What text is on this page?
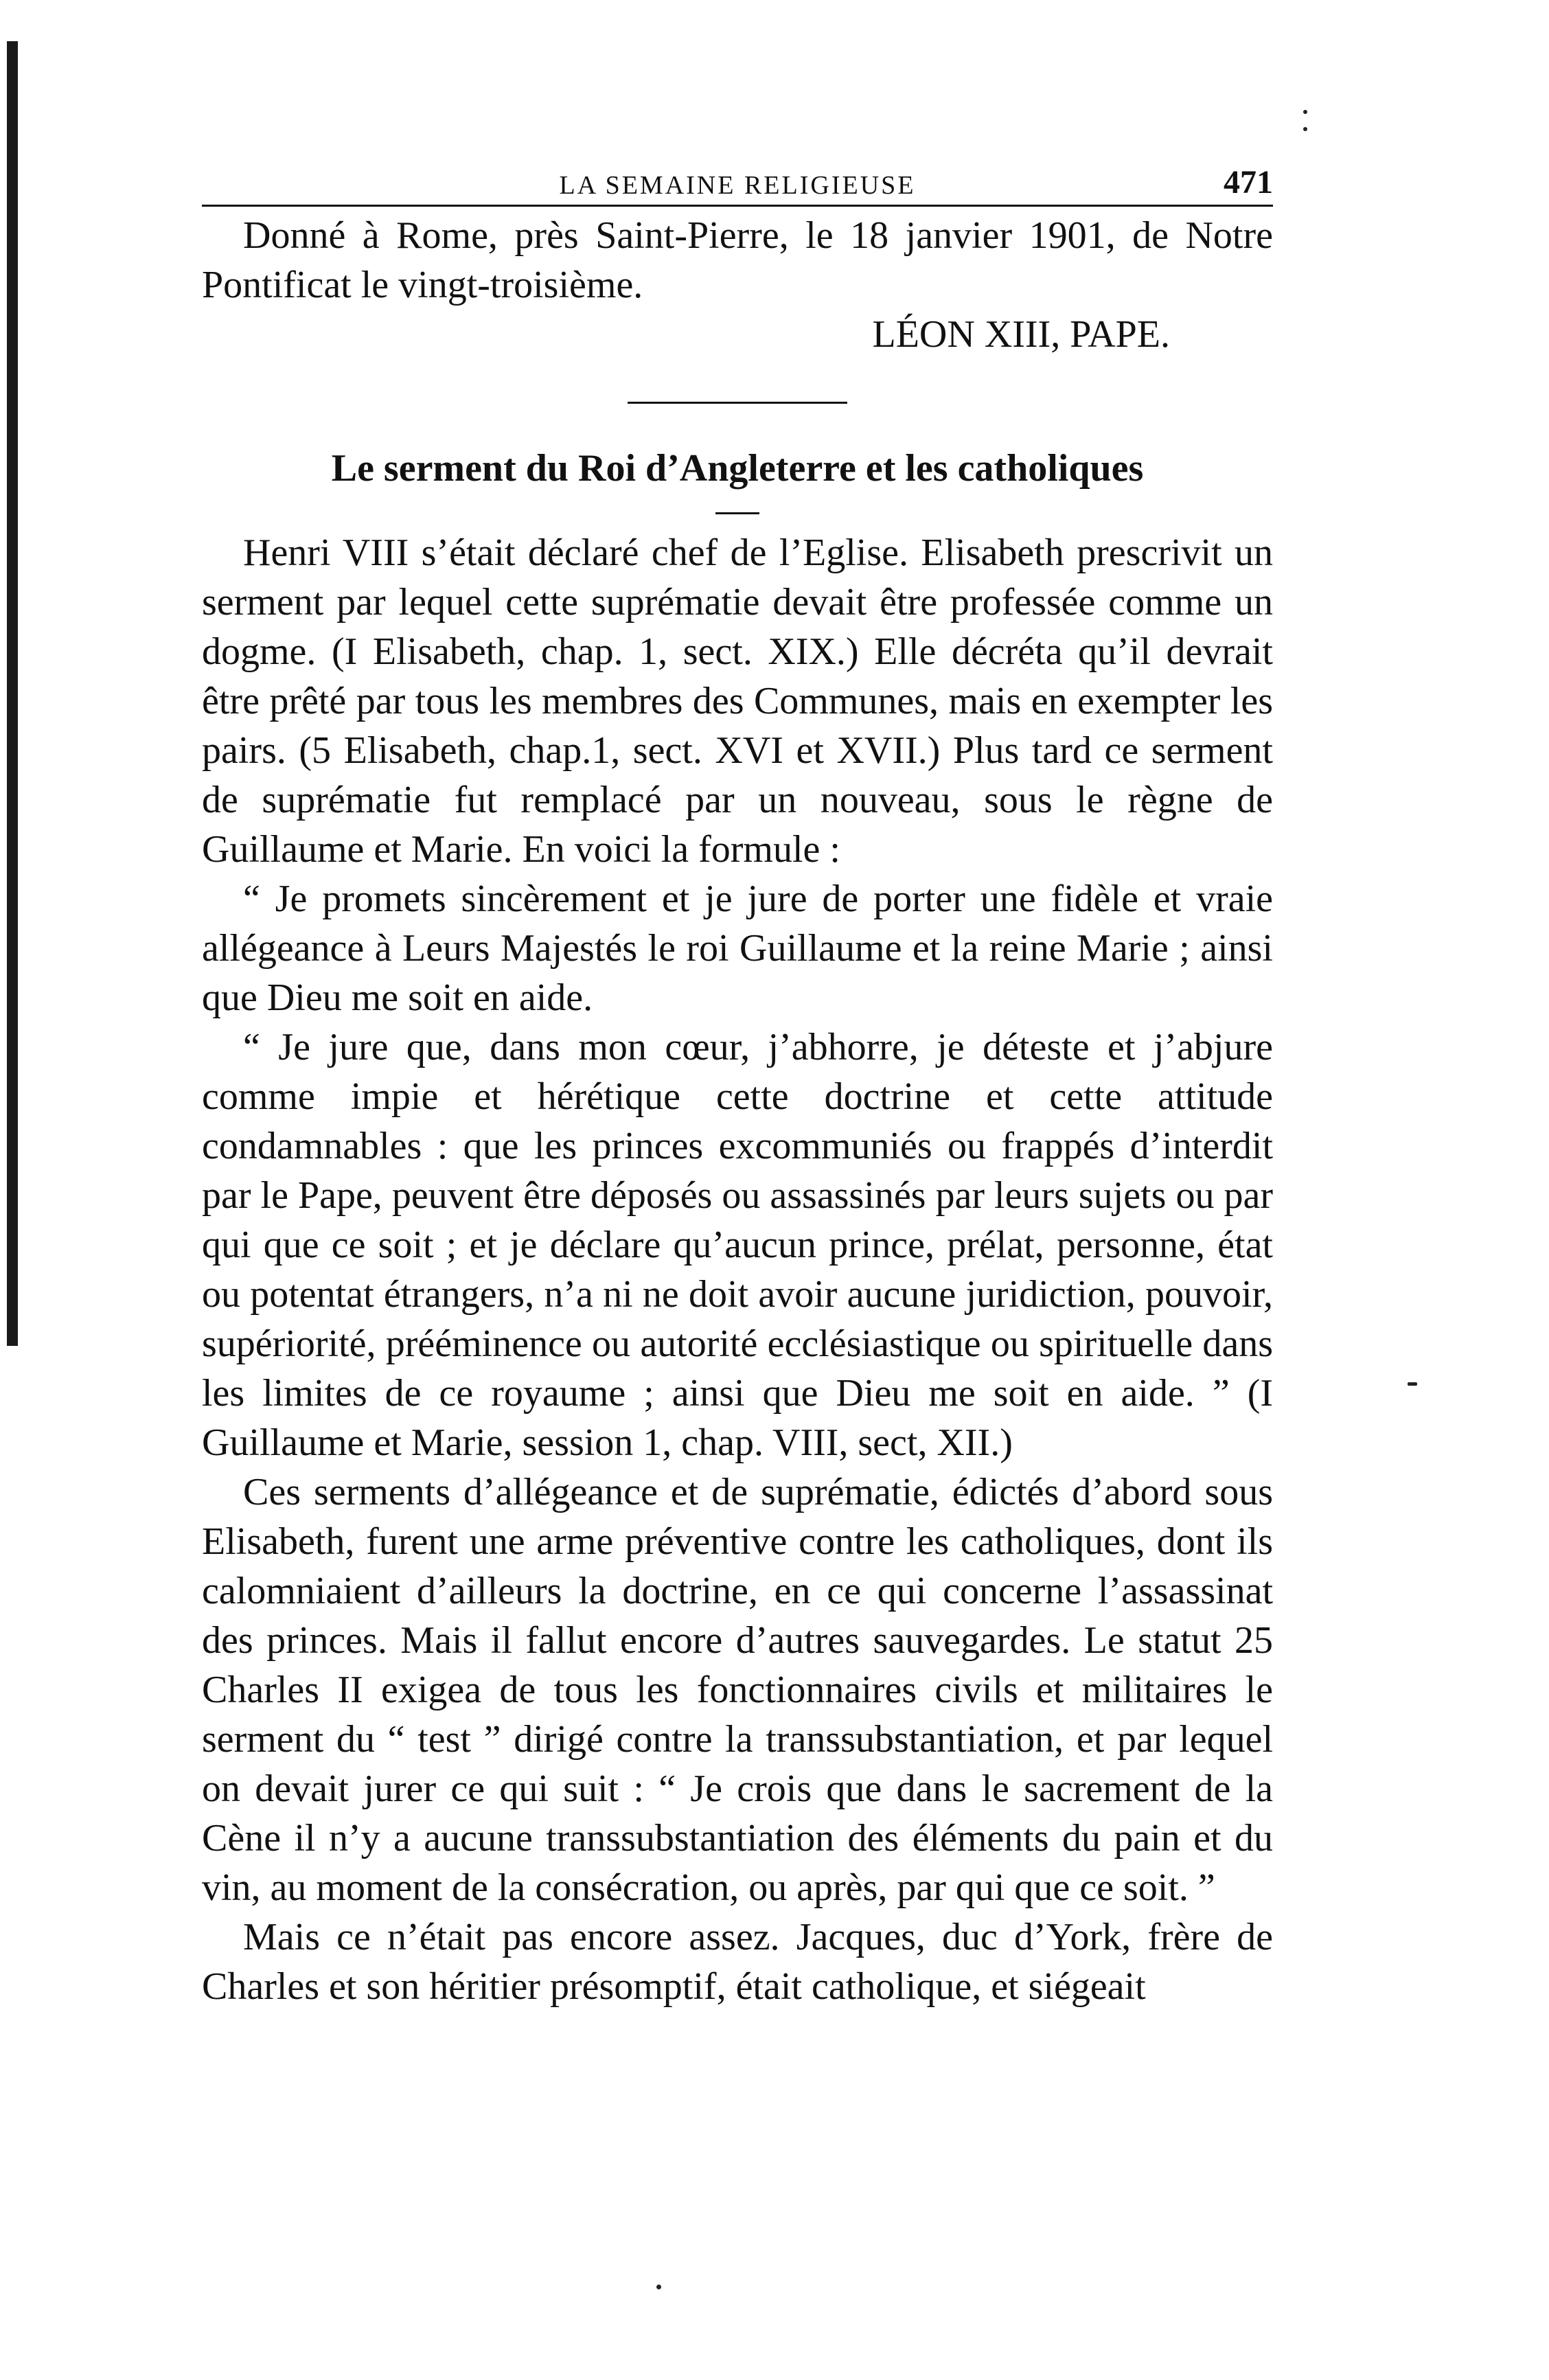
LA SEMAINE RELIGIEUSE	471

Donné à Rome, près Saint-Pierre, le 18 janvier 1901, de Notre Pontificat le vingt-troisième.

LÉON XIII, PAPE.

Le serment du Roi d’Angleterre et les catholiques

Henri VIII s’était déclaré chef de l’Eglise. Elisabeth prescrivit un serment par lequel cette suprématie devait être professée comme un dogme. (I Elisabeth, chap. 1, sect. XIX.) Elle décréta qu’il devrait être prêté par tous les membres des Communes, mais en exempter les pairs. (5 Elisabeth, chap.1, sect. XVI et XVII.) Plus tard ce serment de suprématie fut remplacé par un nouveau, sous le règne de Guillaume et Marie. En voici la formule :

“ Je promets sincèrement et je jure de porter une fidèle et vraie allégeance à Leurs Majestés le roi Guillaume et la reine Marie ; ainsi que Dieu me soit en aide.

“ Je jure que, dans mon cœur, j’abhorre, je déteste et j’abjure comme impie et hérétique cette doctrine et cette attitude condamnables : que les princes excommuniés ou frappés d’interdit par le Pape, peuvent être déposés ou assassinés par leurs sujets ou par qui que ce soit ; et je déclare qu’aucun prince, prélat, personne, état ou potentat étrangers, n’a ni ne doit avoir aucune juridiction, pouvoir, supériorité, prééminence ou autorité ecclésiastique ou spirituelle dans les limites de ce royaume ; ainsi que Dieu me soit en aide. ” (I Guillaume et Marie, session 1, chap. VIII, sect, XII.)

Ces serments d’allégeance et de suprématie, édictés d’abord sous Elisabeth, furent une arme préventive contre les catholiques, dont ils calomniaient d’ailleurs la doctrine, en ce qui concerne l’assassinat des princes. Mais il fallut encore d’autres sauvegardes. Le statut 25 Charles II exigea de tous les fonctionnaires civils et militaires le serment du “ test ” dirigé contre la transsubstantiation, et par lequel on devait jurer ce qui suit : “ Je crois que dans le sacrement de la Cène il n’y a aucune transsubstantiation des éléments du pain et du vin, au moment de la consécration, ou après, par qui que ce soit. ”

Mais ce n’était pas encore assez. Jacques, duc d’York, frère de Charles et son héritier présomptif, était catholique, et siégeait
